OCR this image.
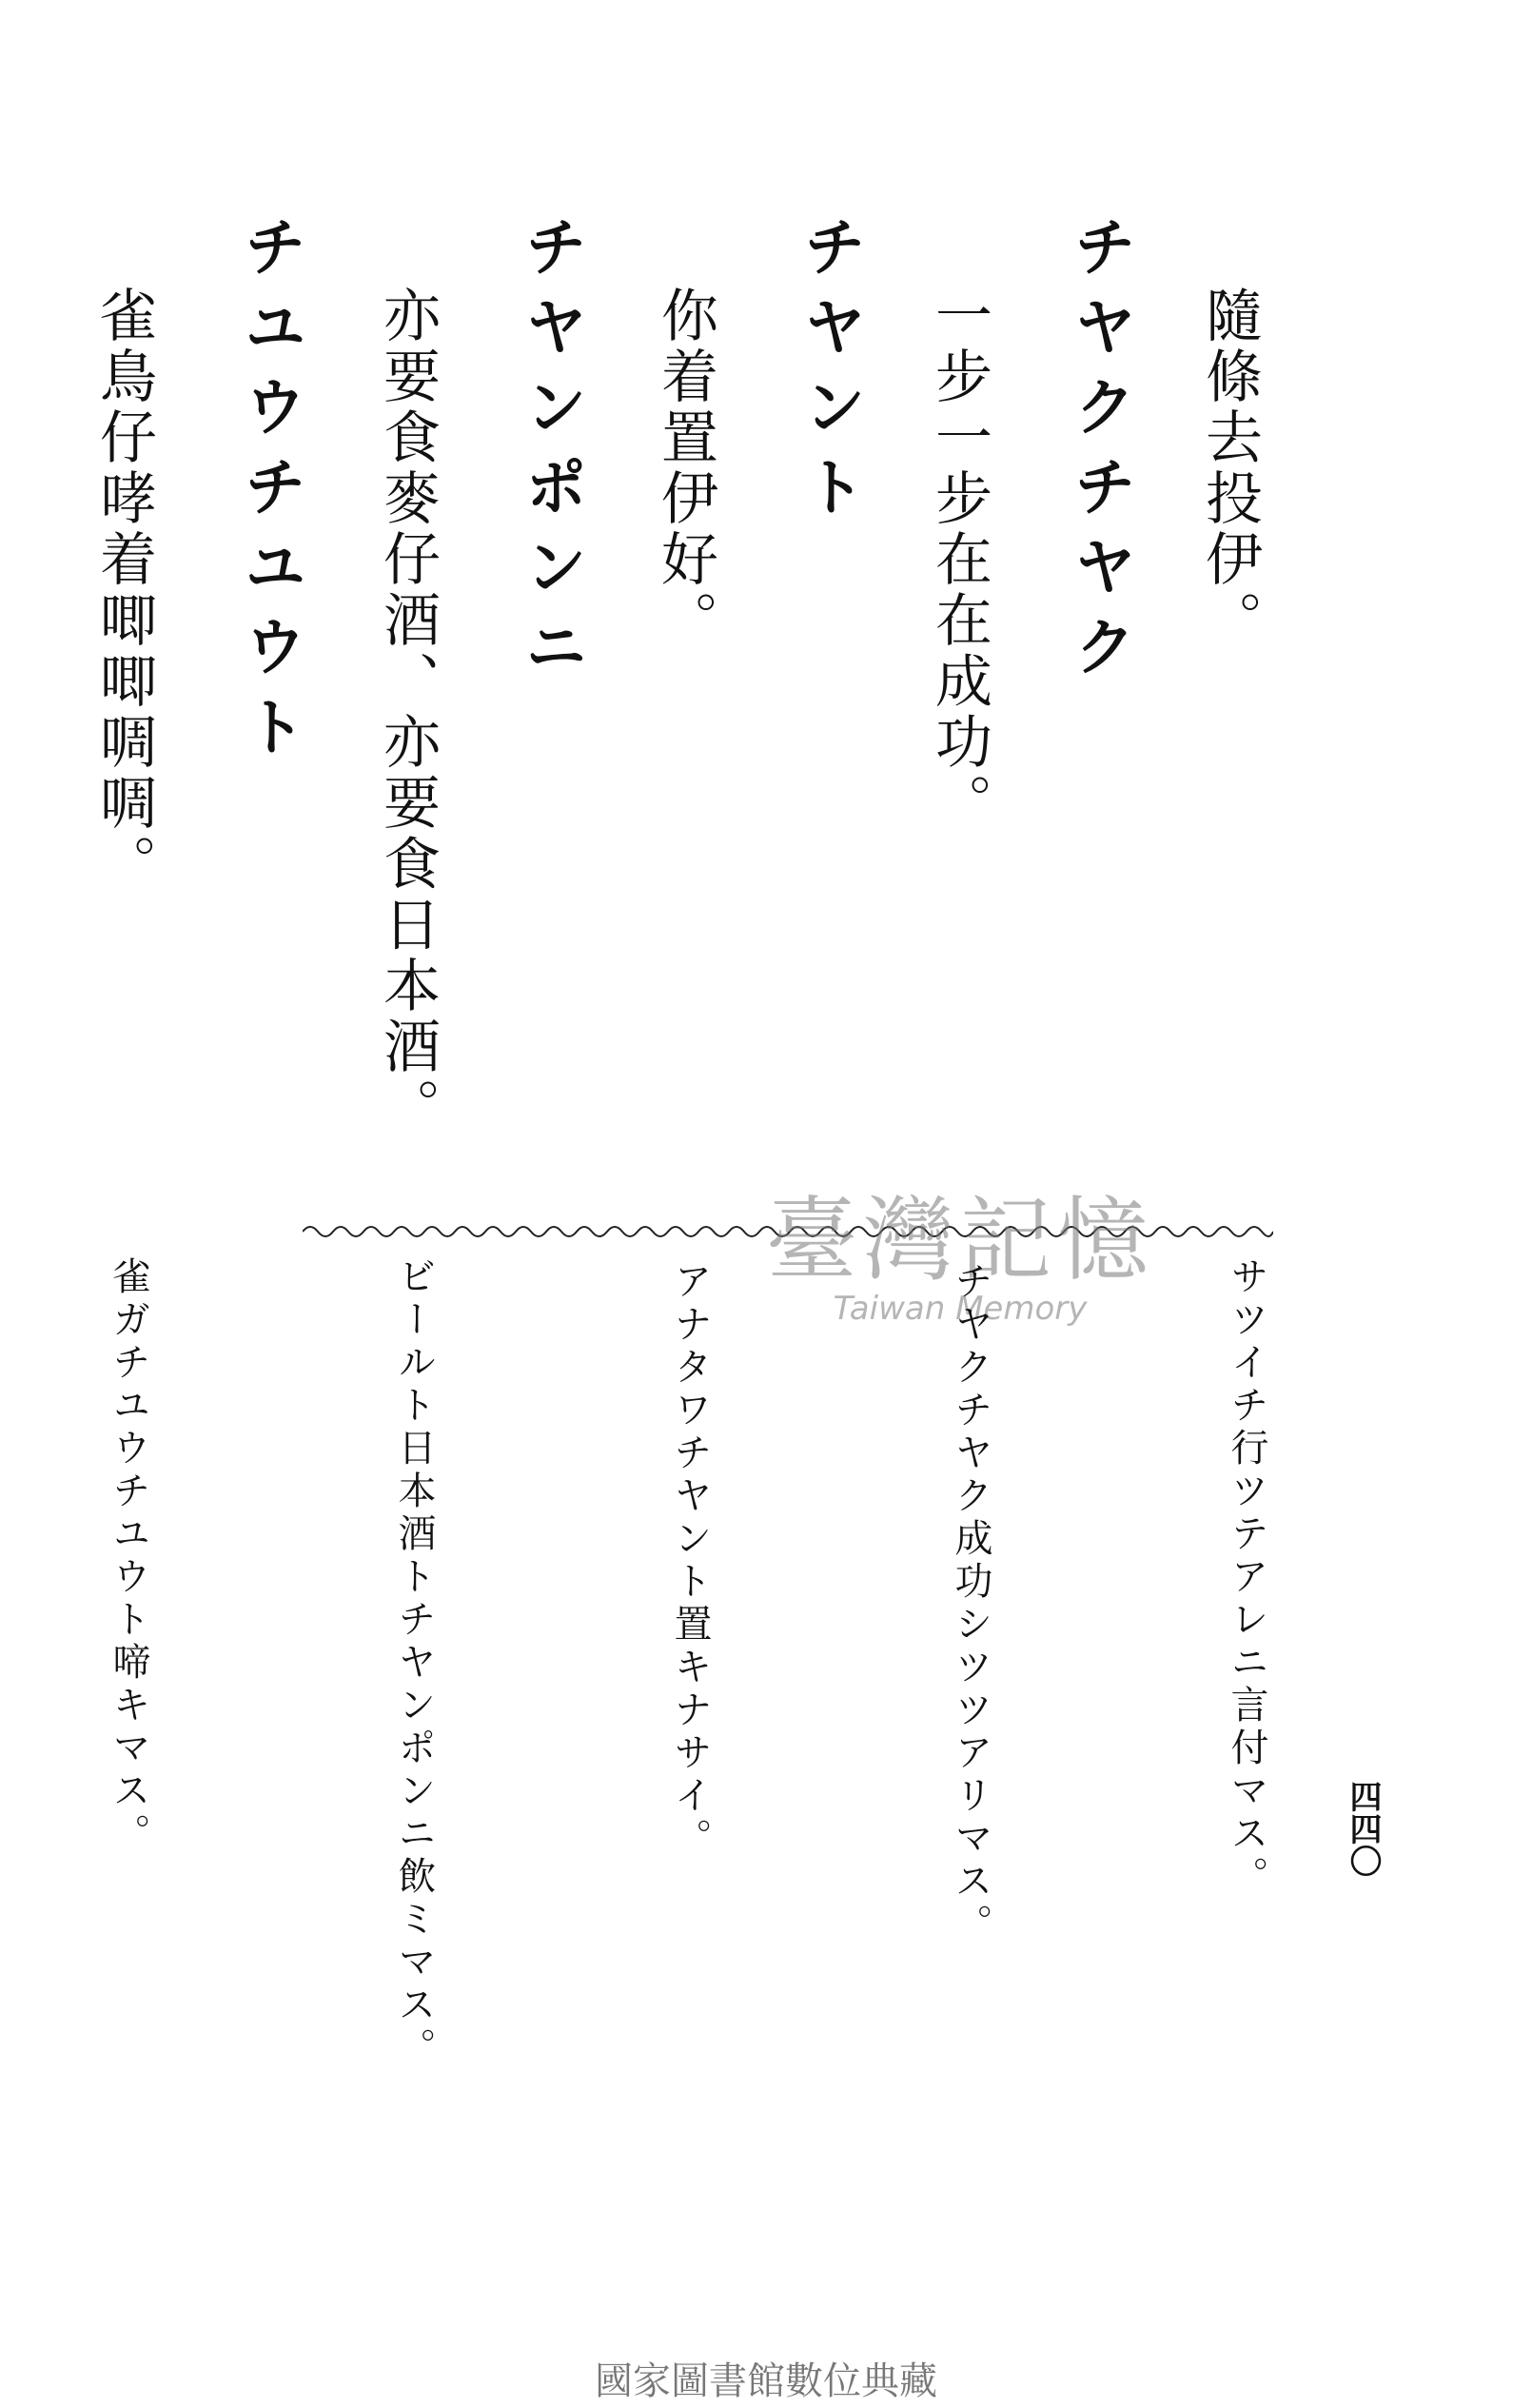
隨條去投伊。
チヤクチヤク
一步一步在在成功。
チヤント
你着置伊好。
チヤンポンニ
亦要食麥仔酒、亦要食日本酒。
チユウチユウト
雀鳥仔哮着唧唧啁啁。
臺灣記憶
Taiwan Memory	サツイチ行ツテアレニ言付マス。
チヤクチヤク成功シツツアリマス。
アナタワチヤント置キナサイ。
ビールト日本酒トチヤンポンニ飲ミマス。
雀ガチユウチユウト啼キマス。	四四〇
國家圖書館數位典藏
